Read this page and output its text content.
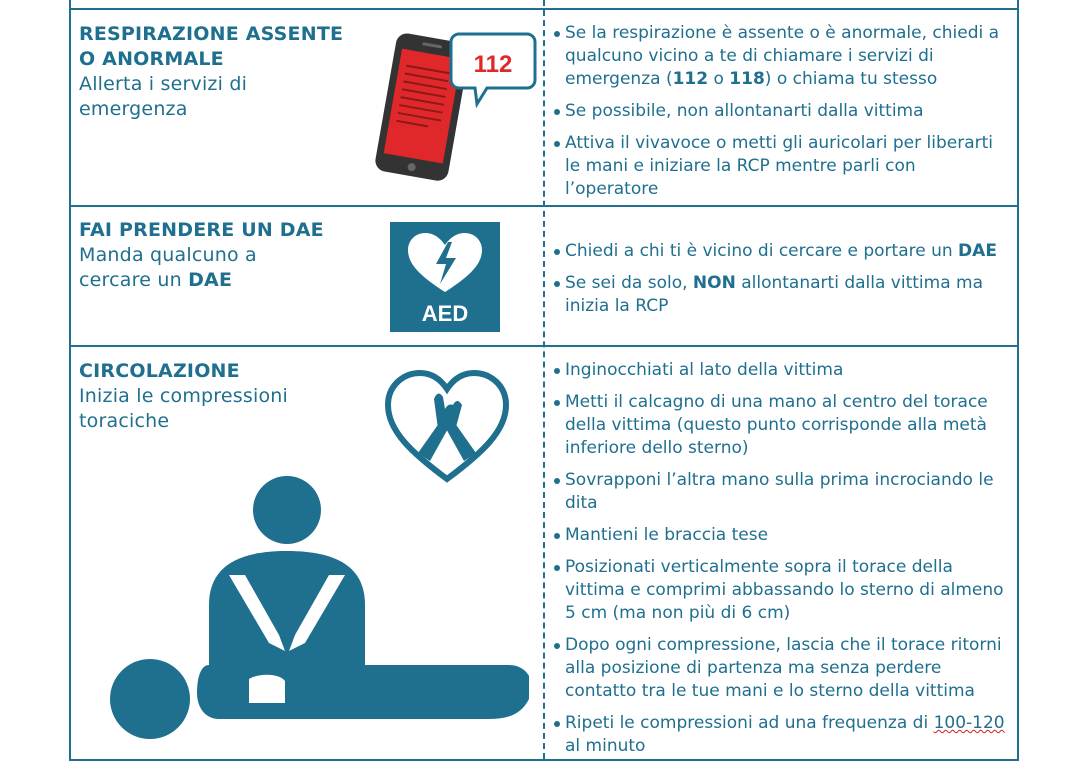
RESPIRAZIONE ASSENTE
O ANORMALE
Allerta i servizi di
emergenza
112
Se la respirazione è assente o è anormale, chiedi a qualcuno vicino a te di chiamare i servizi di emergenza (112 o 118) o chiama tu stesso
Se possibile, non allontanarti dalla vittima
Attiva il vivavoce o metti gli auricolari per liberarti le mani e iniziare la RCP mentre parli con l’operatore
FAI PRENDERE UN DAE
Manda qualcuno a
cercare un DAE
AED
Chiedi a chi ti è vicino di cercare e portare un DAE
Se sei da solo, NON allontanarti dalla vittima ma inizia la RCP
CIRCOLAZIONE
Inizia le compressioni
toraciche
Inginocchiati al lato della vittima
Metti il calcagno di una mano al centro del torace della vittima (questo punto corrisponde alla metà inferiore dello sterno)
Sovrapponi l’altra mano sulla prima incrociando le dita
Mantieni le braccia tese
Posizionati verticalmente sopra il torace della vittima e comprimi abbassando lo sterno di almeno 5 cm (ma non più di 6 cm)
Dopo ogni compressione, lascia che il torace ritorni alla posizione di partenza ma senza perdere contatto tra le tue mani e lo sterno della vittima
Ripeti le compressioni ad una frequenza di 100-120 al minuto
